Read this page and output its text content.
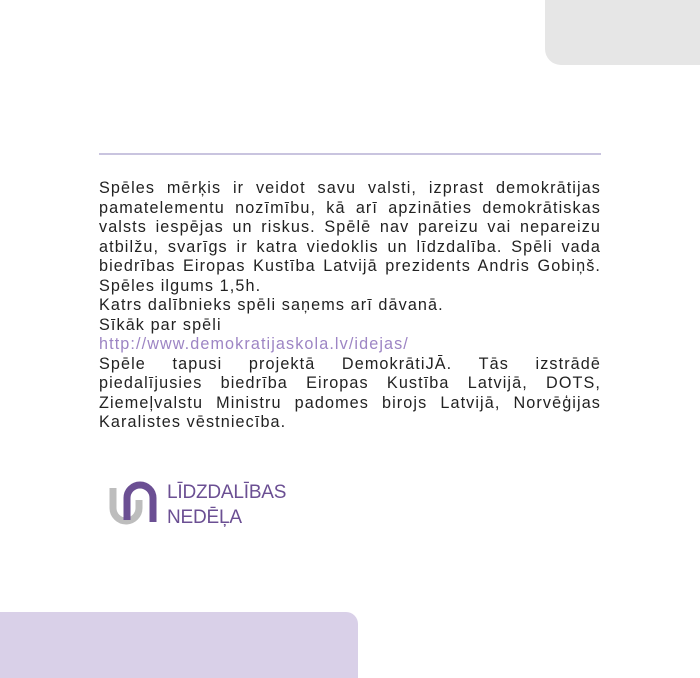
Spēles mērķis ir veidot savu valsti, izprast demokrātijas pamatelementu nozīmību, kā arī apzināties demokrātiskas valsts iespējas un riskus. Spēlē nav pareizu vai nepareizu atbilžu, svarīgs ir katra viedoklis un līdzdalība. Spēli vada biedrības Eiropas Kustība Latvijā prezidents Andris Gobiņš. Spēles ilgums 1,5h.

Katrs dalībnieks spēli saņems arī dāvanā.
Sīkāk par spēli
http://www.demokratijaskola.lv/idejas/

Spēle tapusi projektā DemokrātiJĀ. Tās izstrādē piedalījusies biedrība Eiropas Kustība Latvijā, DOTS, Ziemeļvalstu Ministru padomes birojs Latvijā, Norvēģijas Karalistes vēstniecība.

LĪDZDALĪBAS
NEDĒĻA
